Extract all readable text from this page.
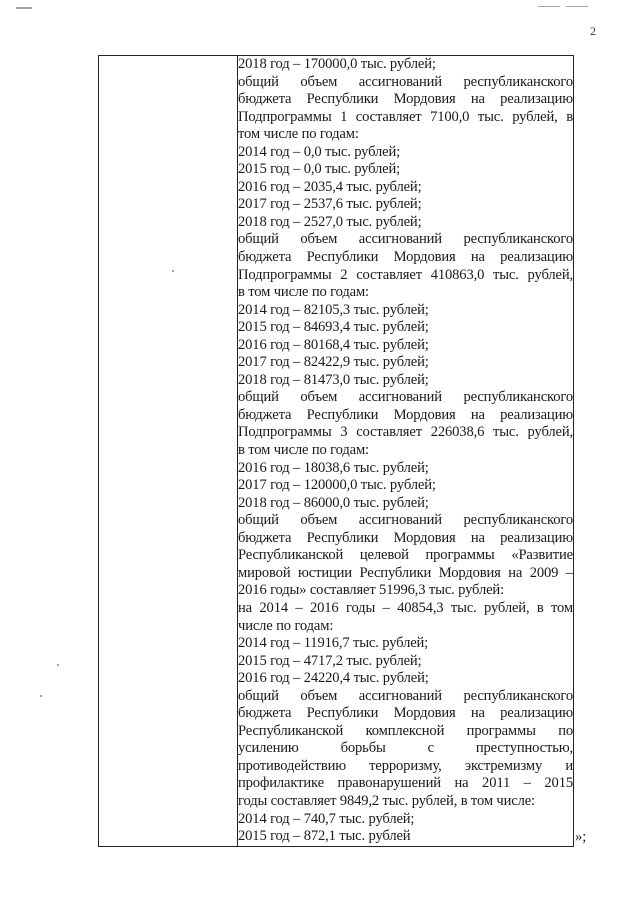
2

2018 год – 170000,0 тыс. рублей;
общий объем ассигнований республиканского
бюджета Республики Мордовия на реализацию
Подпрограммы 1 составляет 7100,0 тыс. рублей, в
том числе по годам:
2014 год – 0,0 тыс. рублей;
2015 год – 0,0 тыс. рублей;
2016 год – 2035,4 тыс. рублей;
2017 год – 2537,6 тыс. рублей;
2018 год – 2527,0 тыс. рублей;
общий объем ассигнований республиканского
бюджета Республики Мордовия на реализацию
Подпрограммы 2 составляет 410863,0 тыс. рублей,
в том числе по годам:
2014 год – 82105,3 тыс. рублей;
2015 год – 84693,4 тыс. рублей;
2016 год – 80168,4 тыс. рублей;
2017 год – 82422,9 тыс. рублей;
2018 год – 81473,0 тыс. рублей;
общий объем ассигнований республиканского
бюджета Республики Мордовия на реализацию
Подпрограммы 3 составляет 226038,6 тыс. рублей,
в том числе по годам:
2016 год – 18038,6 тыс. рублей;
2017 год – 120000,0 тыс. рублей;
2018 год – 86000,0 тыс. рублей;
общий объем ассигнований республиканского
бюджета Республики Мордовия на реализацию
Республиканской целевой программы «Развитие
мировой юстиции Республики Мордовия на 2009 –
2016 годы» составляет 51996,3 тыс. рублей:
на 2014 – 2016 годы – 40854,3 тыс. рублей, в том
числе по годам:
2014 год – 11916,7 тыс. рублей;
2015 год – 4717,2 тыс. рублей;
2016 год – 24220,4 тыс. рублей;
общий объем ассигнований республиканского
бюджета Республики Мордовия на реализацию
Республиканской комплексной программы по
усилению борьбы с преступностью,
противодействию терроризму, экстремизму и
профилактике правонарушений на 2011 – 2015
годы составляет 9849,2 тыс. рублей, в том числе:
2014 год – 740,7 тыс. рублей;
2015 год – 872,1 тыс. рублей	»;
